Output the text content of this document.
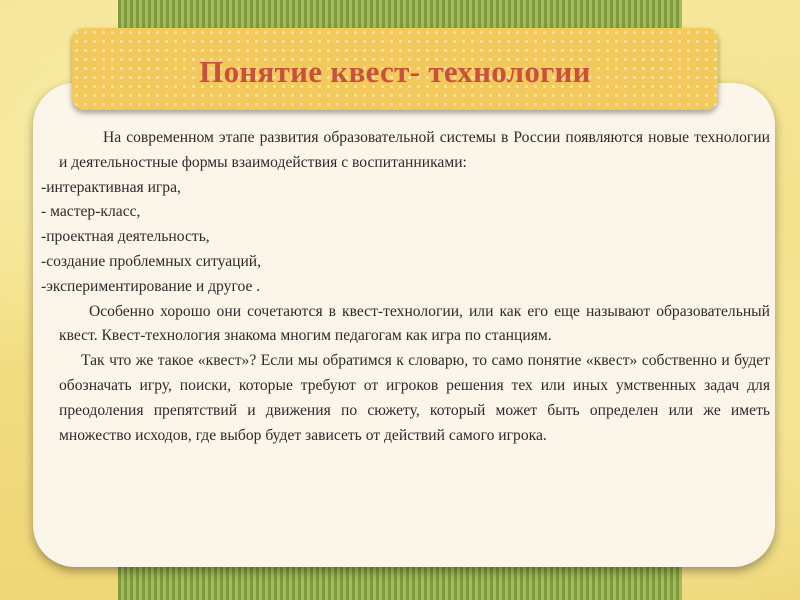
На современном этапе развития образовательной системы в России появляются новые технологии и деятельностные формы взаимодействия с воспитанниками:

-интерактивная игра,

- мастер-класс,

-проектная деятельность,

-создание проблемных ситуаций,

-экспериментирование и другое .

Особенно хорошо они сочетаются в квест-технологии, или как его еще называют образовательный квест. Квест-технология знакома многим педагогам как игра по станциям.

Так что же такое «квест»? Если мы обратимся к словарю, то само понятие «квест» собственно и будет обозначать игру, поиски, которые требуют от игроков решения тех или иных умственных задач для преодоления препятствий и движения по сюжету, который может быть определен или же иметь множество исходов, где выбор будет зависеть от действий самого игрока.

Понятие квест- технологии
